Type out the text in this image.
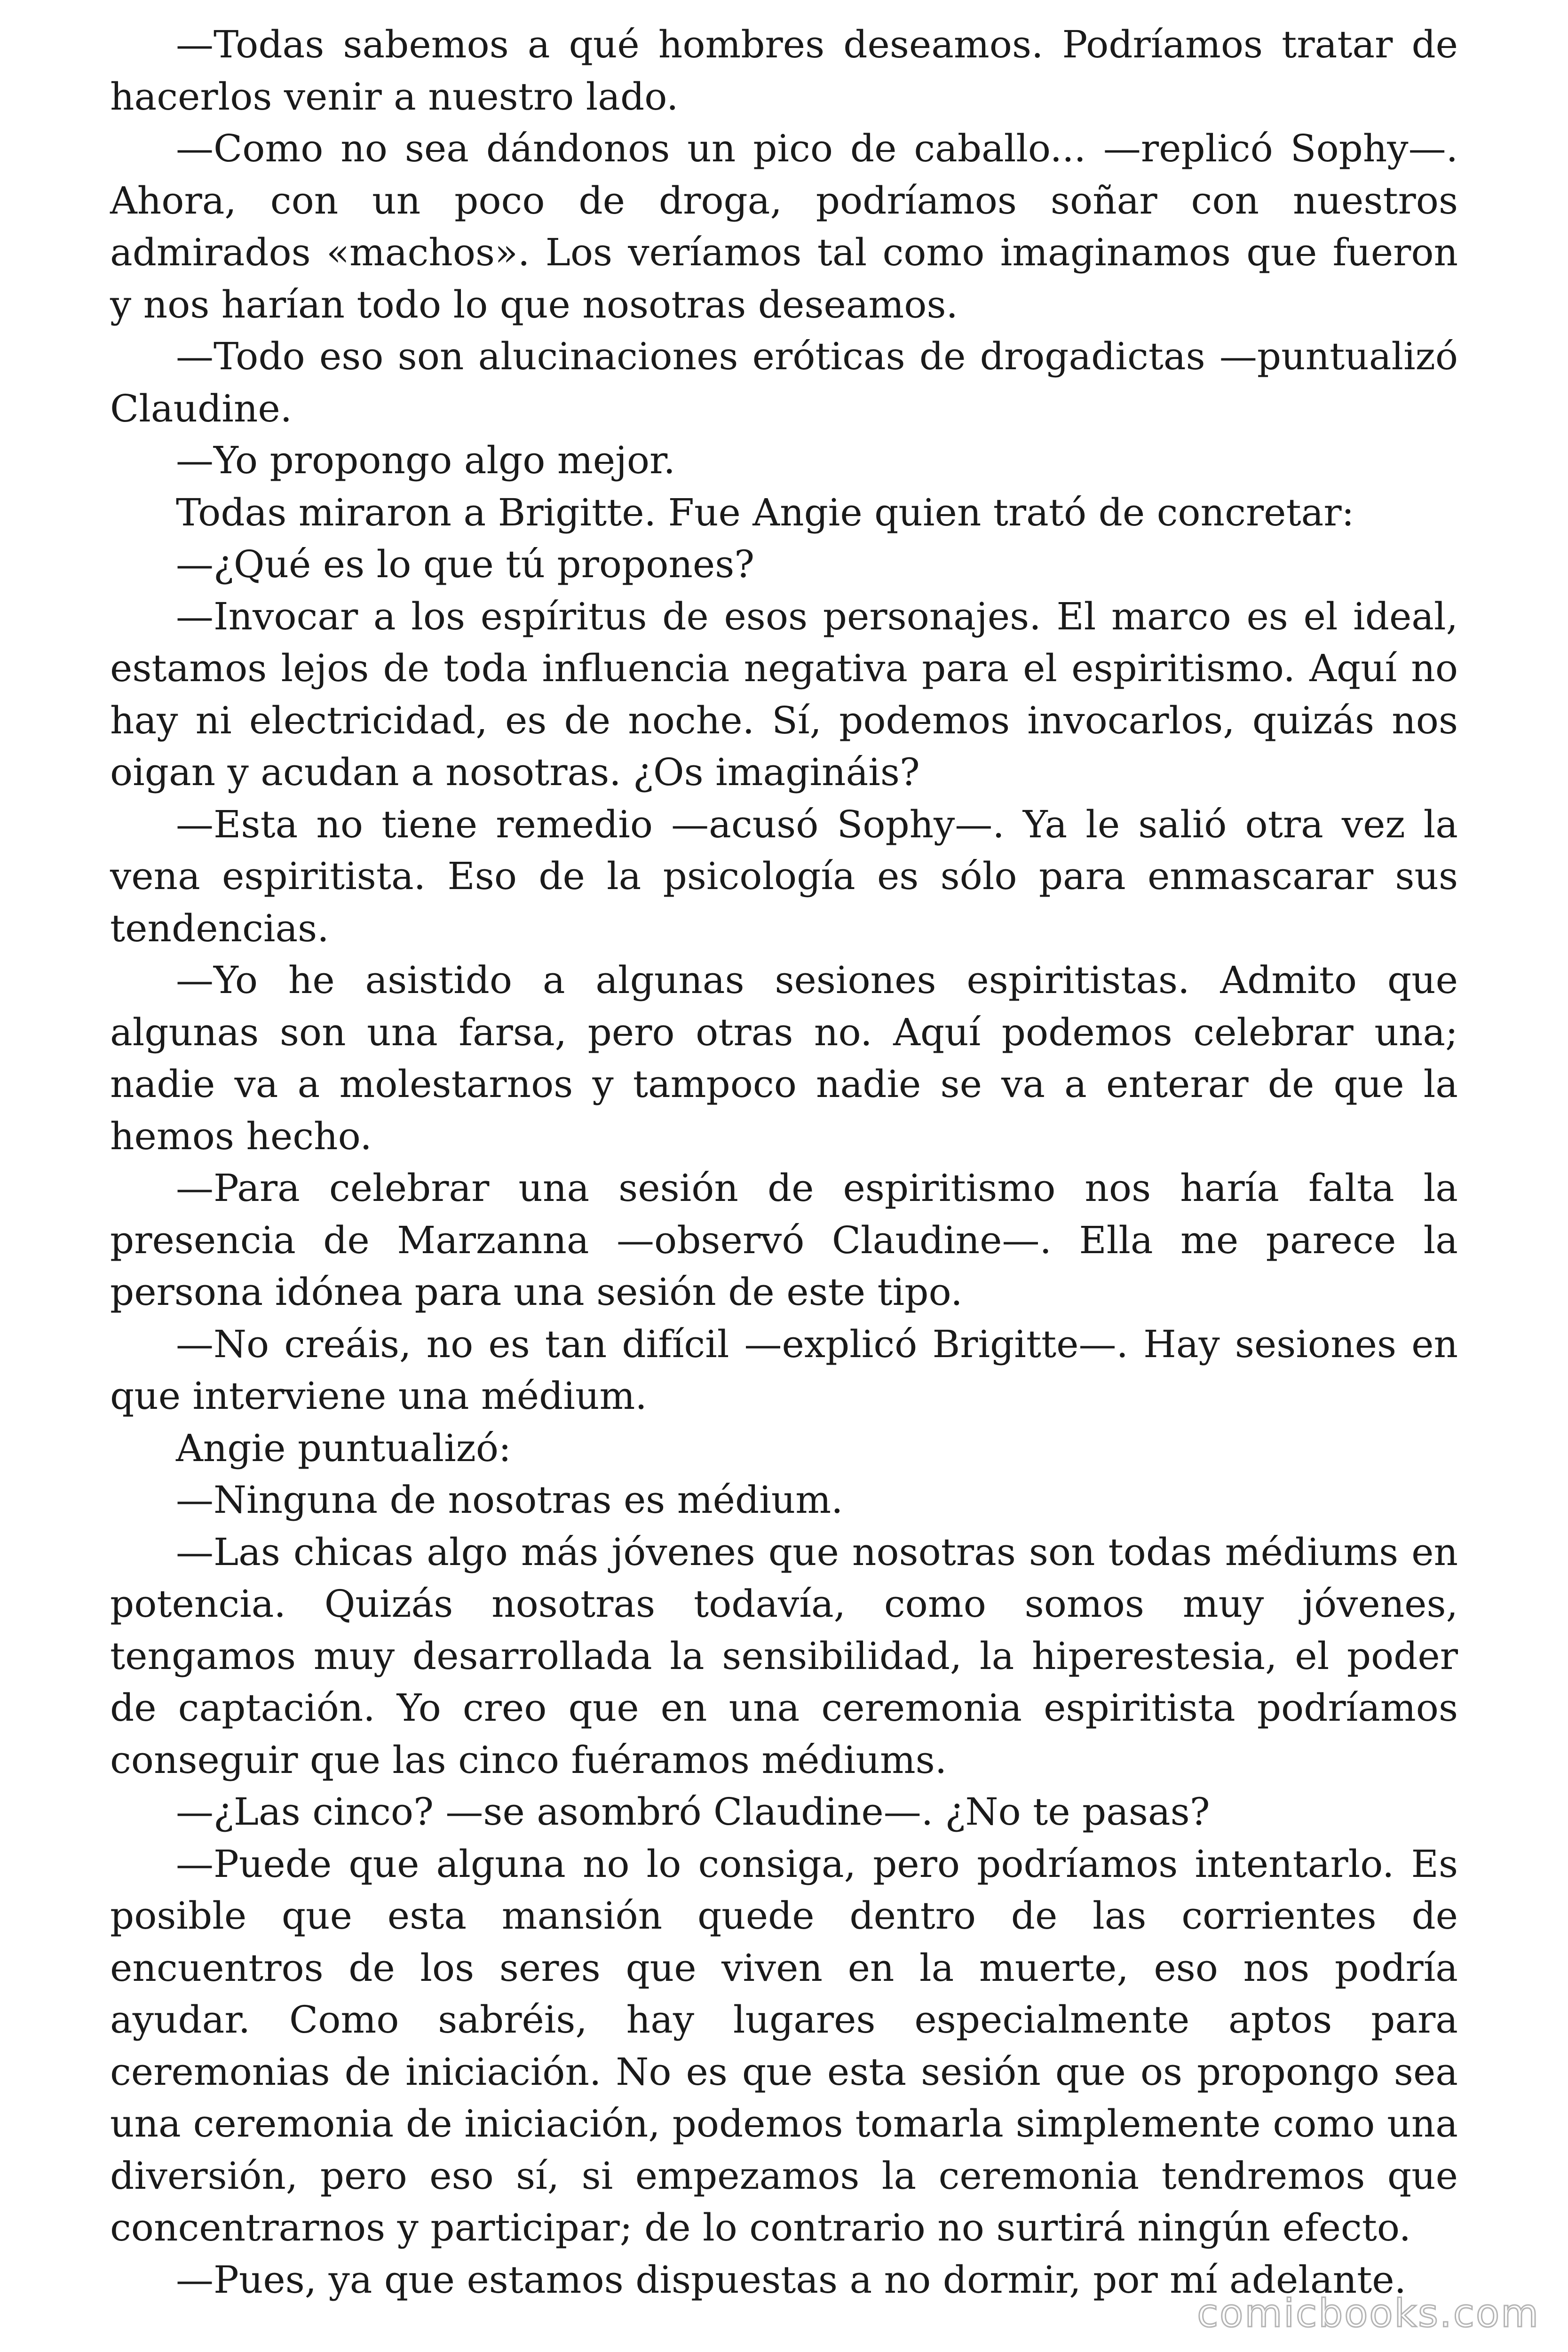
—Todas sabemos a qué hombres deseamos. Podríamos tratar de hacerlos venir a nuestro lado.

—Como no sea dándonos un pico de caballo... —replicó Sophy—. Ahora, con un poco de droga, podríamos soñar con nuestros admirados «machos». Los veríamos tal como imaginamos que fueron y nos harían todo lo que nosotras deseamos.

—Todo eso son alucinaciones eróticas de drogadictas —puntualizó Claudine.

—Yo propongo algo mejor.

Todas miraron a Brigitte. Fue Angie quien trató de concretar:

—¿Qué es lo que tú propones?

—Invocar a los espíritus de esos personajes. El marco es el ideal, estamos lejos de toda influencia negativa para el espiritismo. Aquí no hay ni electricidad, es de noche. Sí, podemos invocarlos, quizás nos oigan y acudan a nosotras. ¿Os imagináis?

—Esta no tiene remedio —acusó Sophy—. Ya le salió otra vez la vena espiritista. Eso de la psicología es sólo para enmascarar sus tendencias.

—Yo he asistido a algunas sesiones espiritistas. Admito que algunas son una farsa, pero otras no. Aquí podemos celebrar una; nadie va a molestarnos y tampoco nadie se va a enterar de que la hemos hecho.

—Para celebrar una sesión de espiritismo nos haría falta la presencia de Marzanna —observó Claudine—. Ella me parece la persona idónea para una sesión de este tipo.

—No creáis, no es tan difícil —explicó Brigitte—. Hay sesiones en que interviene una médium.

Angie puntualizó:

—Ninguna de nosotras es médium.

—Las chicas algo más jóvenes que nosotras son todas médiums en potencia. Quizás nosotras todavía, como somos muy jóvenes, tengamos muy desarrollada la sensibilidad, la hiperestesia, el poder de captación. Yo creo que en una ceremonia espiritista podríamos conseguir que las cinco fuéramos médiums.

—¿Las cinco? —se asombró Claudine—. ¿No te pasas?

—Puede que alguna no lo consiga, pero podríamos intentarlo. Es posible que esta mansión quede dentro de las corrientes de encuentros de los seres que viven en la muerte, eso nos podría ayudar. Como sabréis, hay lugares especialmente aptos para ceremonias de iniciación. No es que esta sesión que os propongo sea una ceremonia de iniciación, podemos tomarla simplemente como una diversión, pero eso sí, si empezamos la ceremonia tendremos que concentrarnos y participar; de lo contrario no surtirá ningún efecto.

—Pues, ya que estamos dispuestas a no dormir, por mí adelante.

comicbooks.com
